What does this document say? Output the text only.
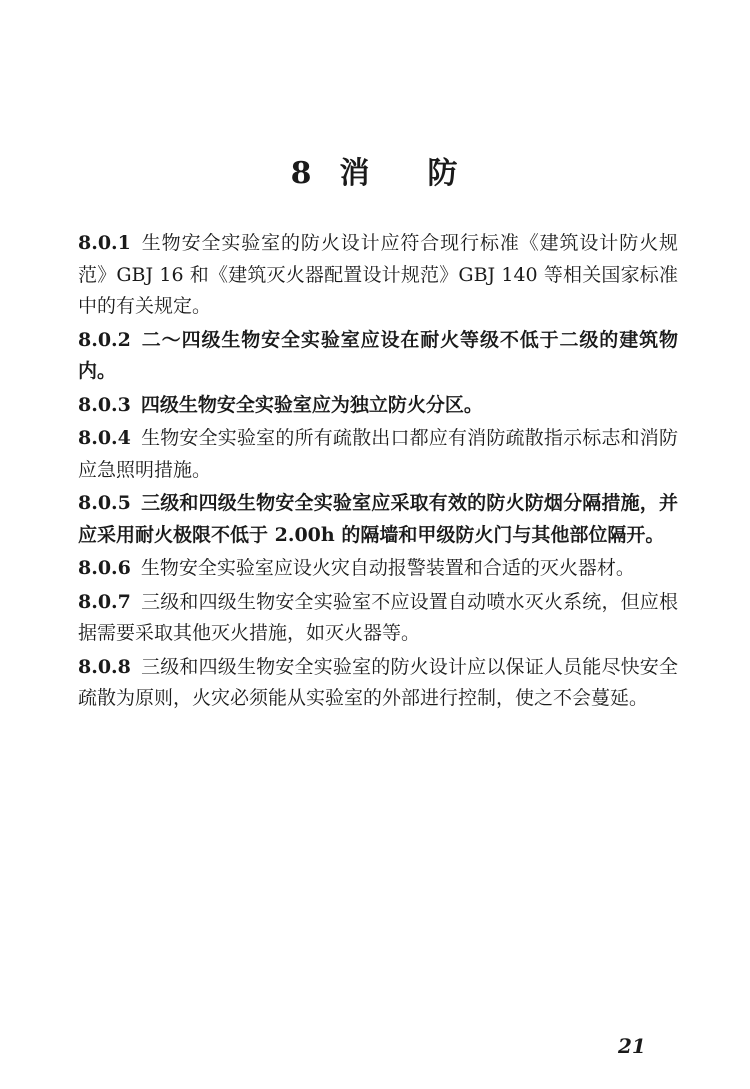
8 消 防

8.0.1 生物安全实验室的防火设计应符合现行标准《建筑设计防火规范》GBJ 16 和《建筑灭火器配置设计规范》GBJ 140 等相关国家标准中的有关规定。

8.0.2 二～四级生物安全实验室应设在耐火等级不低于二级的建筑物内。

8.0.3 四级生物安全实验室应为独立防火分区。

8.0.4 生物安全实验室的所有疏散出口都应有消防疏散指示标志和消防应急照明措施。

8.0.5 三级和四级生物安全实验室应采取有效的防火防烟分隔措施，并应采用耐火极限不低于 2.00h 的隔墙和甲级防火门与其他部位隔开。

8.0.6 生物安全实验室应设火灾自动报警装置和合适的灭火器材。

8.0.7 三级和四级生物安全实验室不应设置自动喷水灭火系统，但应根据需要采取其他灭火措施，如灭火器等。

8.0.8 三级和四级生物安全实验室的防火设计应以保证人员能尽快安全疏散为原则，火灾必须能从实验室的外部进行控制，使之不会蔓延。

21
